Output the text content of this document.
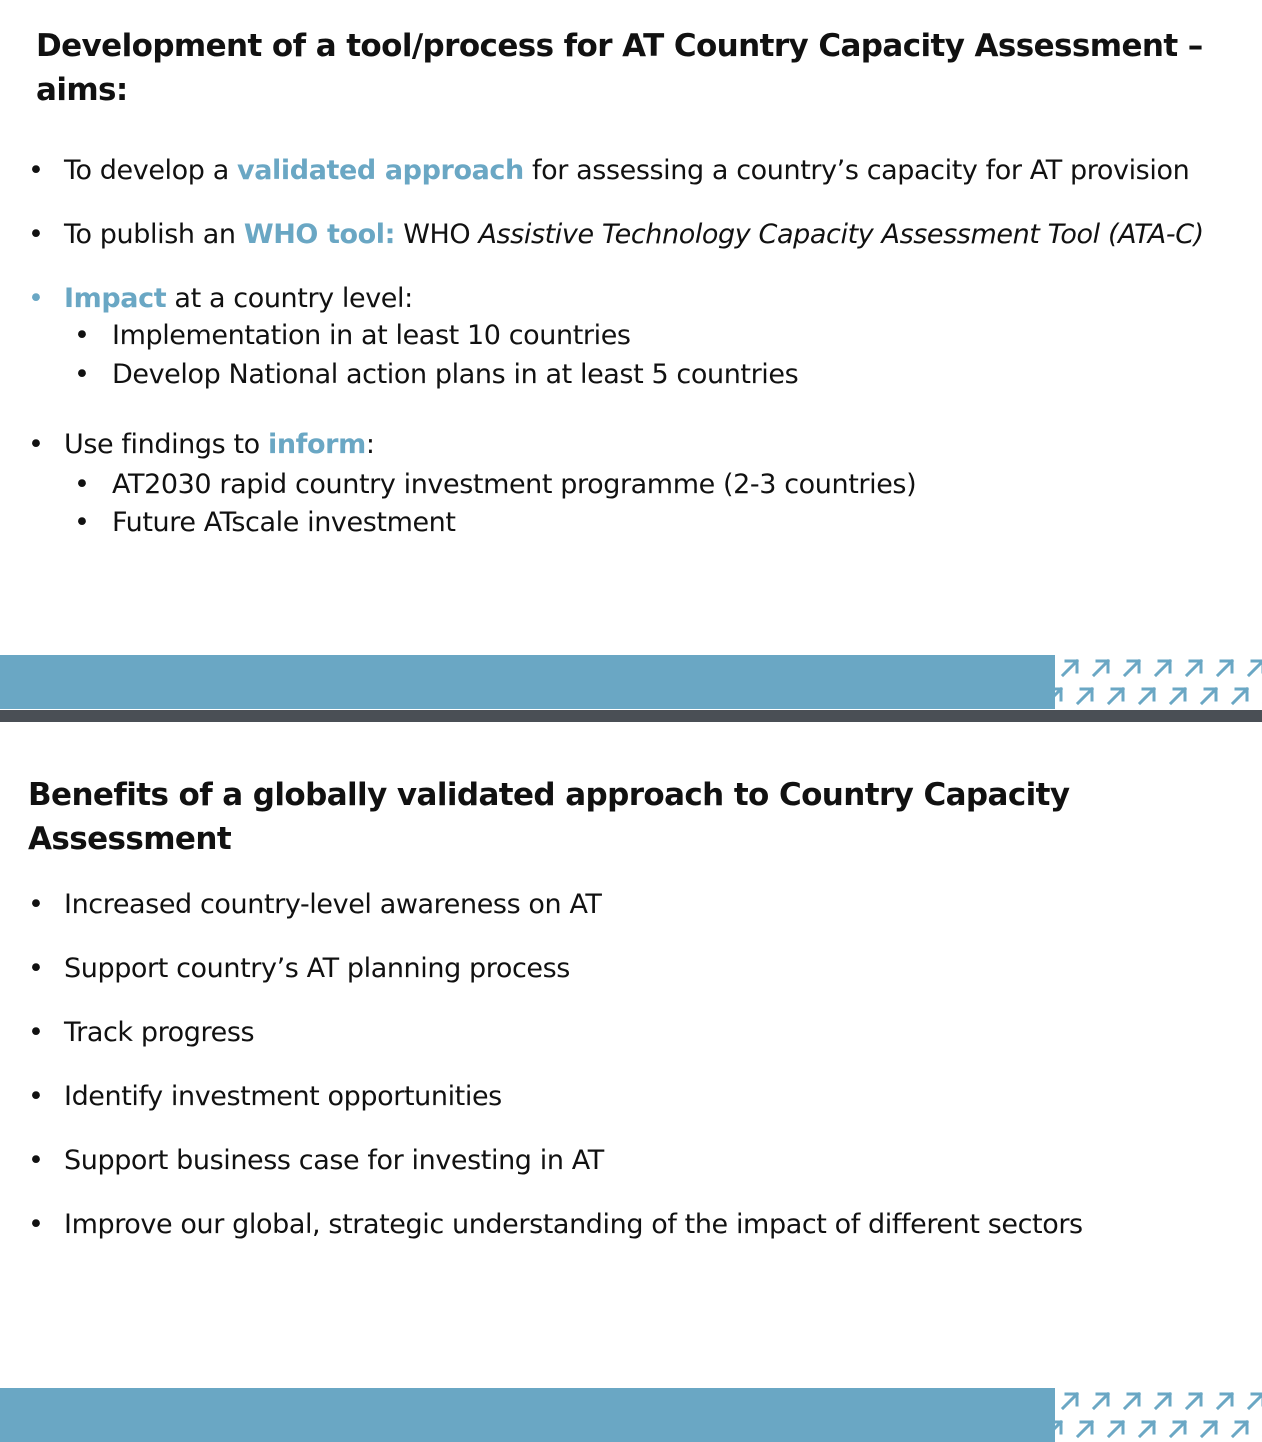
Development of a tool/process for AT Country Capacity Assessment – aims:
• To develop a validated approach for assessing a country’s capacity for AT provision
• To publish an WHO tool: WHO Assistive Technology Capacity Assessment Tool (ATA-C)
• Impact at a country level:
• Implementation in at least 10 countries
• Develop National action plans in at least 5 countries
• Use findings to inform:
• AT2030 rapid country investment programme (2-3 countries)
• Future ATscale investment
Benefits of a globally validated approach to Country Capacity Assessment
• Increased country-level awareness on AT
• Support country’s AT planning process
• Track progress
• Identify investment opportunities
• Support business case for investing in AT
• Improve our global, strategic understanding of the impact of different sectors
